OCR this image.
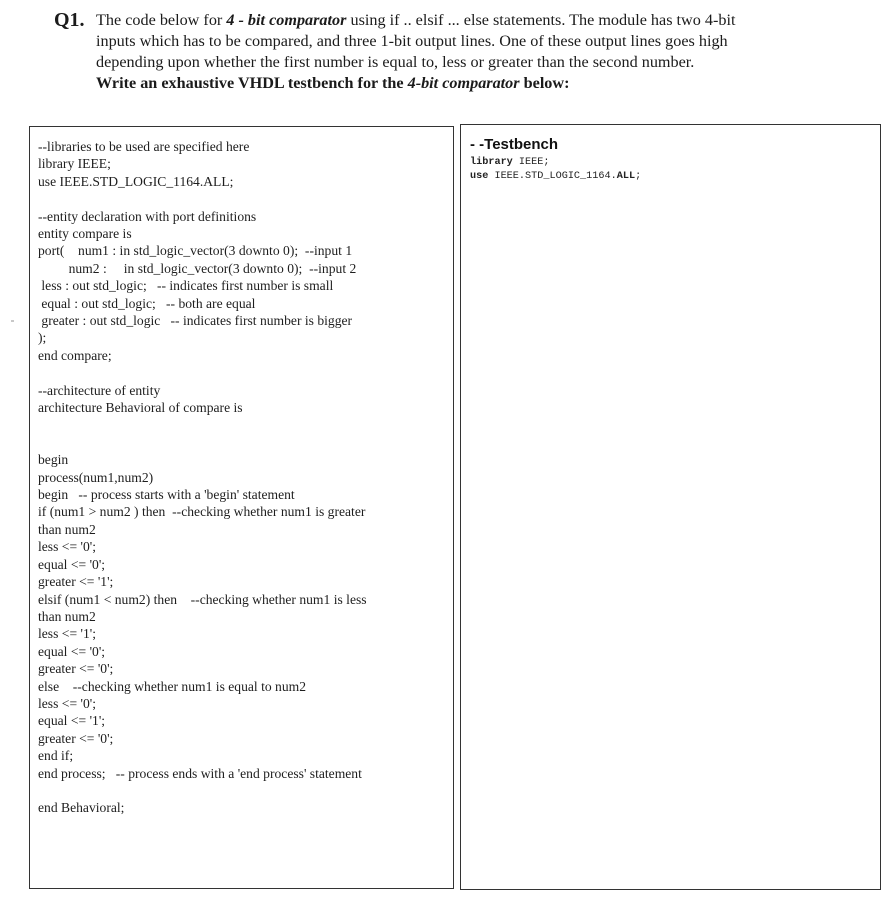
Q1. The code below for 4 - bit comparator using if .. elsif ... else statements. The module has two 4-bit
inputs which has to be compared, and three 1-bit output lines. One of these output lines goes high
depending upon whether the first number is equal to, less or greater than the second number.
Write an exhaustive VHDL testbench for the 4-bit comparator below:
--libraries to be used are specified here
library IEEE;
use IEEE.STD_LOGIC_1164.ALL;
--entity declaration with port definitions
entity compare is
port(    num1 : in std_logic_vector(3 downto 0);  --input 1
num2 :     in std_logic_vector(3 downto 0);  --input 2
less : out std_logic;   -- indicates first number is small
equal : out std_logic;   -- both are equal
greater : out std_logic   -- indicates first number is bigger
);
end compare;
--architecture of entity
architecture Behavioral of compare is
begin
process(num1,num2)
begin   -- process starts with a 'begin' statement
if (num1 > num2 ) then  --checking whether num1 is greater
than num2
less <= '0';
equal <= '0';
greater <= '1';
elsif (num1 < num2) then    --checking whether num1 is less
than num2
less <= '1';
equal <= '0';
greater <= '0';
else    --checking whether num1 is equal to num2
less <= '0';
equal <= '1';
greater <= '0';
end if;
end process;   -- process ends with a 'end process' statement
end Behavioral;
- -Testbench
library IEEE;
use IEEE.STD_LOGIC_1164.ALL;
